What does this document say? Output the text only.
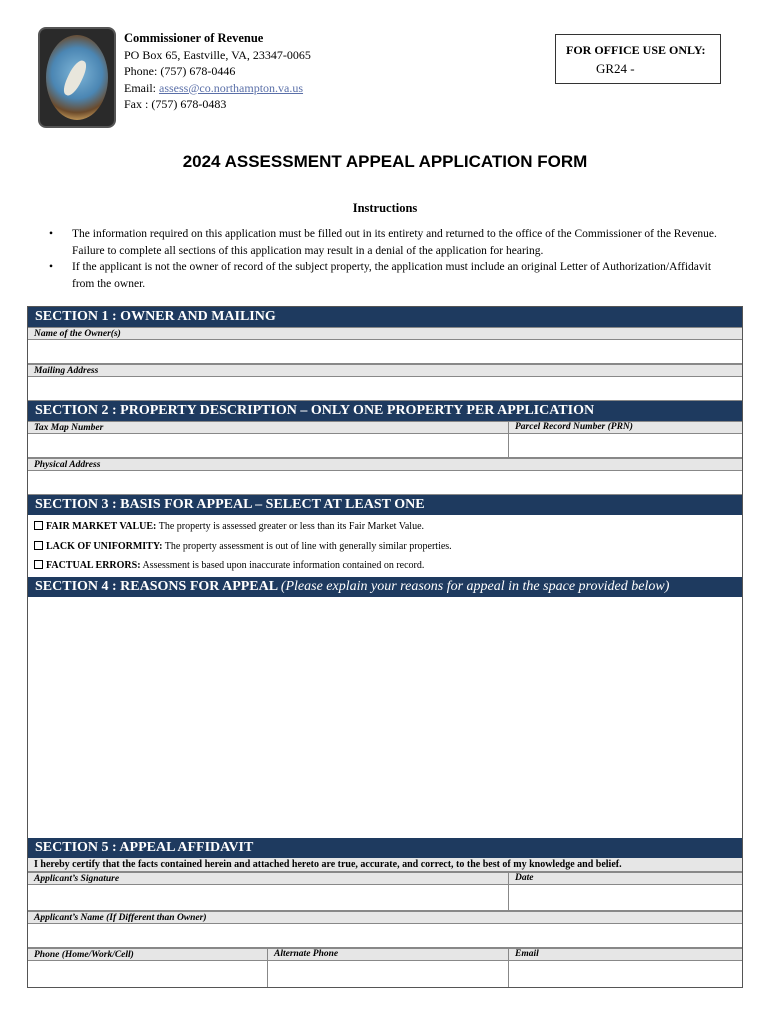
Commissioner of Revenue
PO Box 65, Eastville, VA, 23347-0065
Phone: (757) 678-0446
Email: assess@co.northampton.va.us
Fax : (757) 678-0483
FOR OFFICE USE ONLY:
GR24 -
2024 ASSESSMENT APPEAL APPLICATION FORM
Instructions
• The information required on this application must be filled out in its entirety and returned to the office of the Commissioner of the Revenue. Failure to complete all sections of this application may result in a denial of the application for hearing.
• If the applicant is not the owner of record of the subject property, the application must include an original Letter of Authorization/Affidavit from the owner.
SECTION 1 : OWNER AND MAILING
Name of the Owner(s)
Mailing Address
SECTION 2 : PROPERTY DESCRIPTION – ONLY ONE PROPERTY PER APPLICATION
Tax Map Number	Parcel Record Number (PRN)
Physical Address
SECTION 3 : BASIS FOR APPEAL – SELECT AT LEAST ONE
FAIR MARKET VALUE: The property is assessed greater or less than its Fair Market Value.
LACK OF UNIFORMITY: The property assessment is out of line with generally similar properties.
FACTUAL ERRORS: Assessment is based upon inaccurate information contained on record.
SECTION 4 : REASONS FOR APPEAL (Please explain your reasons for appeal in the space provided below)
SECTION 5 : APPEAL AFFIDAVIT
I hereby certify that the facts contained herein and attached hereto are true, accurate, and correct, to the best of my knowledge and belief.
Applicant’s Signature	Date
Applicant’s Name (If Different than Owner)
Phone (Home/Work/Cell)	Alternate Phone	Email
